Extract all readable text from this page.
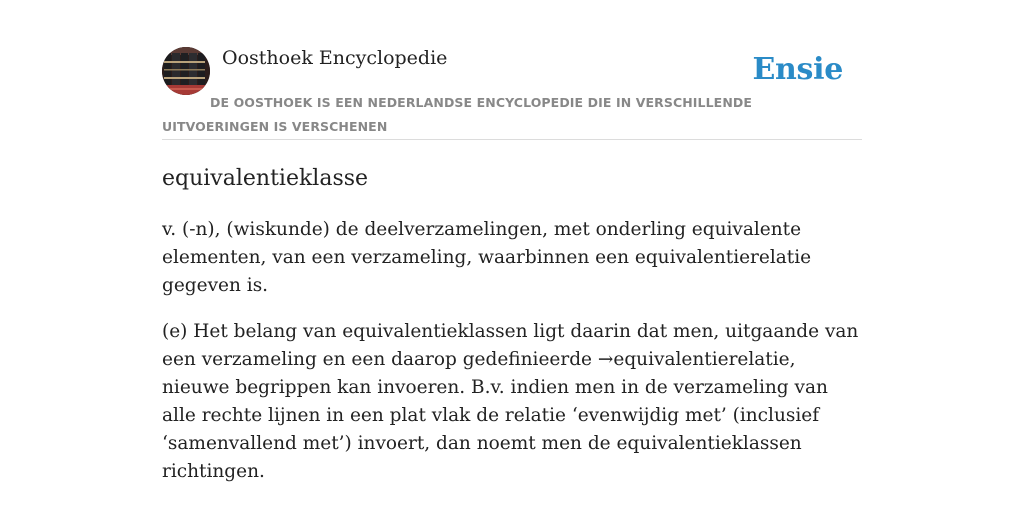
Oosthoek Encyclopedie	Ensie
DE OOSTHOEK IS EEN NEDERLANDSE ENCYCLOPEDIE DIE IN VERSCHILLENDE UITVOERINGEN IS VERSCHENEN
equivalentieklasse

v. (-n), (wiskunde) de deelverzamelingen, met onderling equivalente elementen, van een verzameling, waarbinnen een equivalentierelatie gegeven is.

(e) Het belang van equivalentieklassen ligt daarin dat men, uitgaande van een verzameling en een daarop gedefinieerde →equivalentierelatie, nieuwe begrippen kan invoeren. B.v. indien men in de verzameling van alle rechte lijnen in een plat vlak de relatie ‘evenwijdig met’ (inclusief ‘samenvallend met’) invoert, dan noemt men de equivalentieklassen richtingen.
